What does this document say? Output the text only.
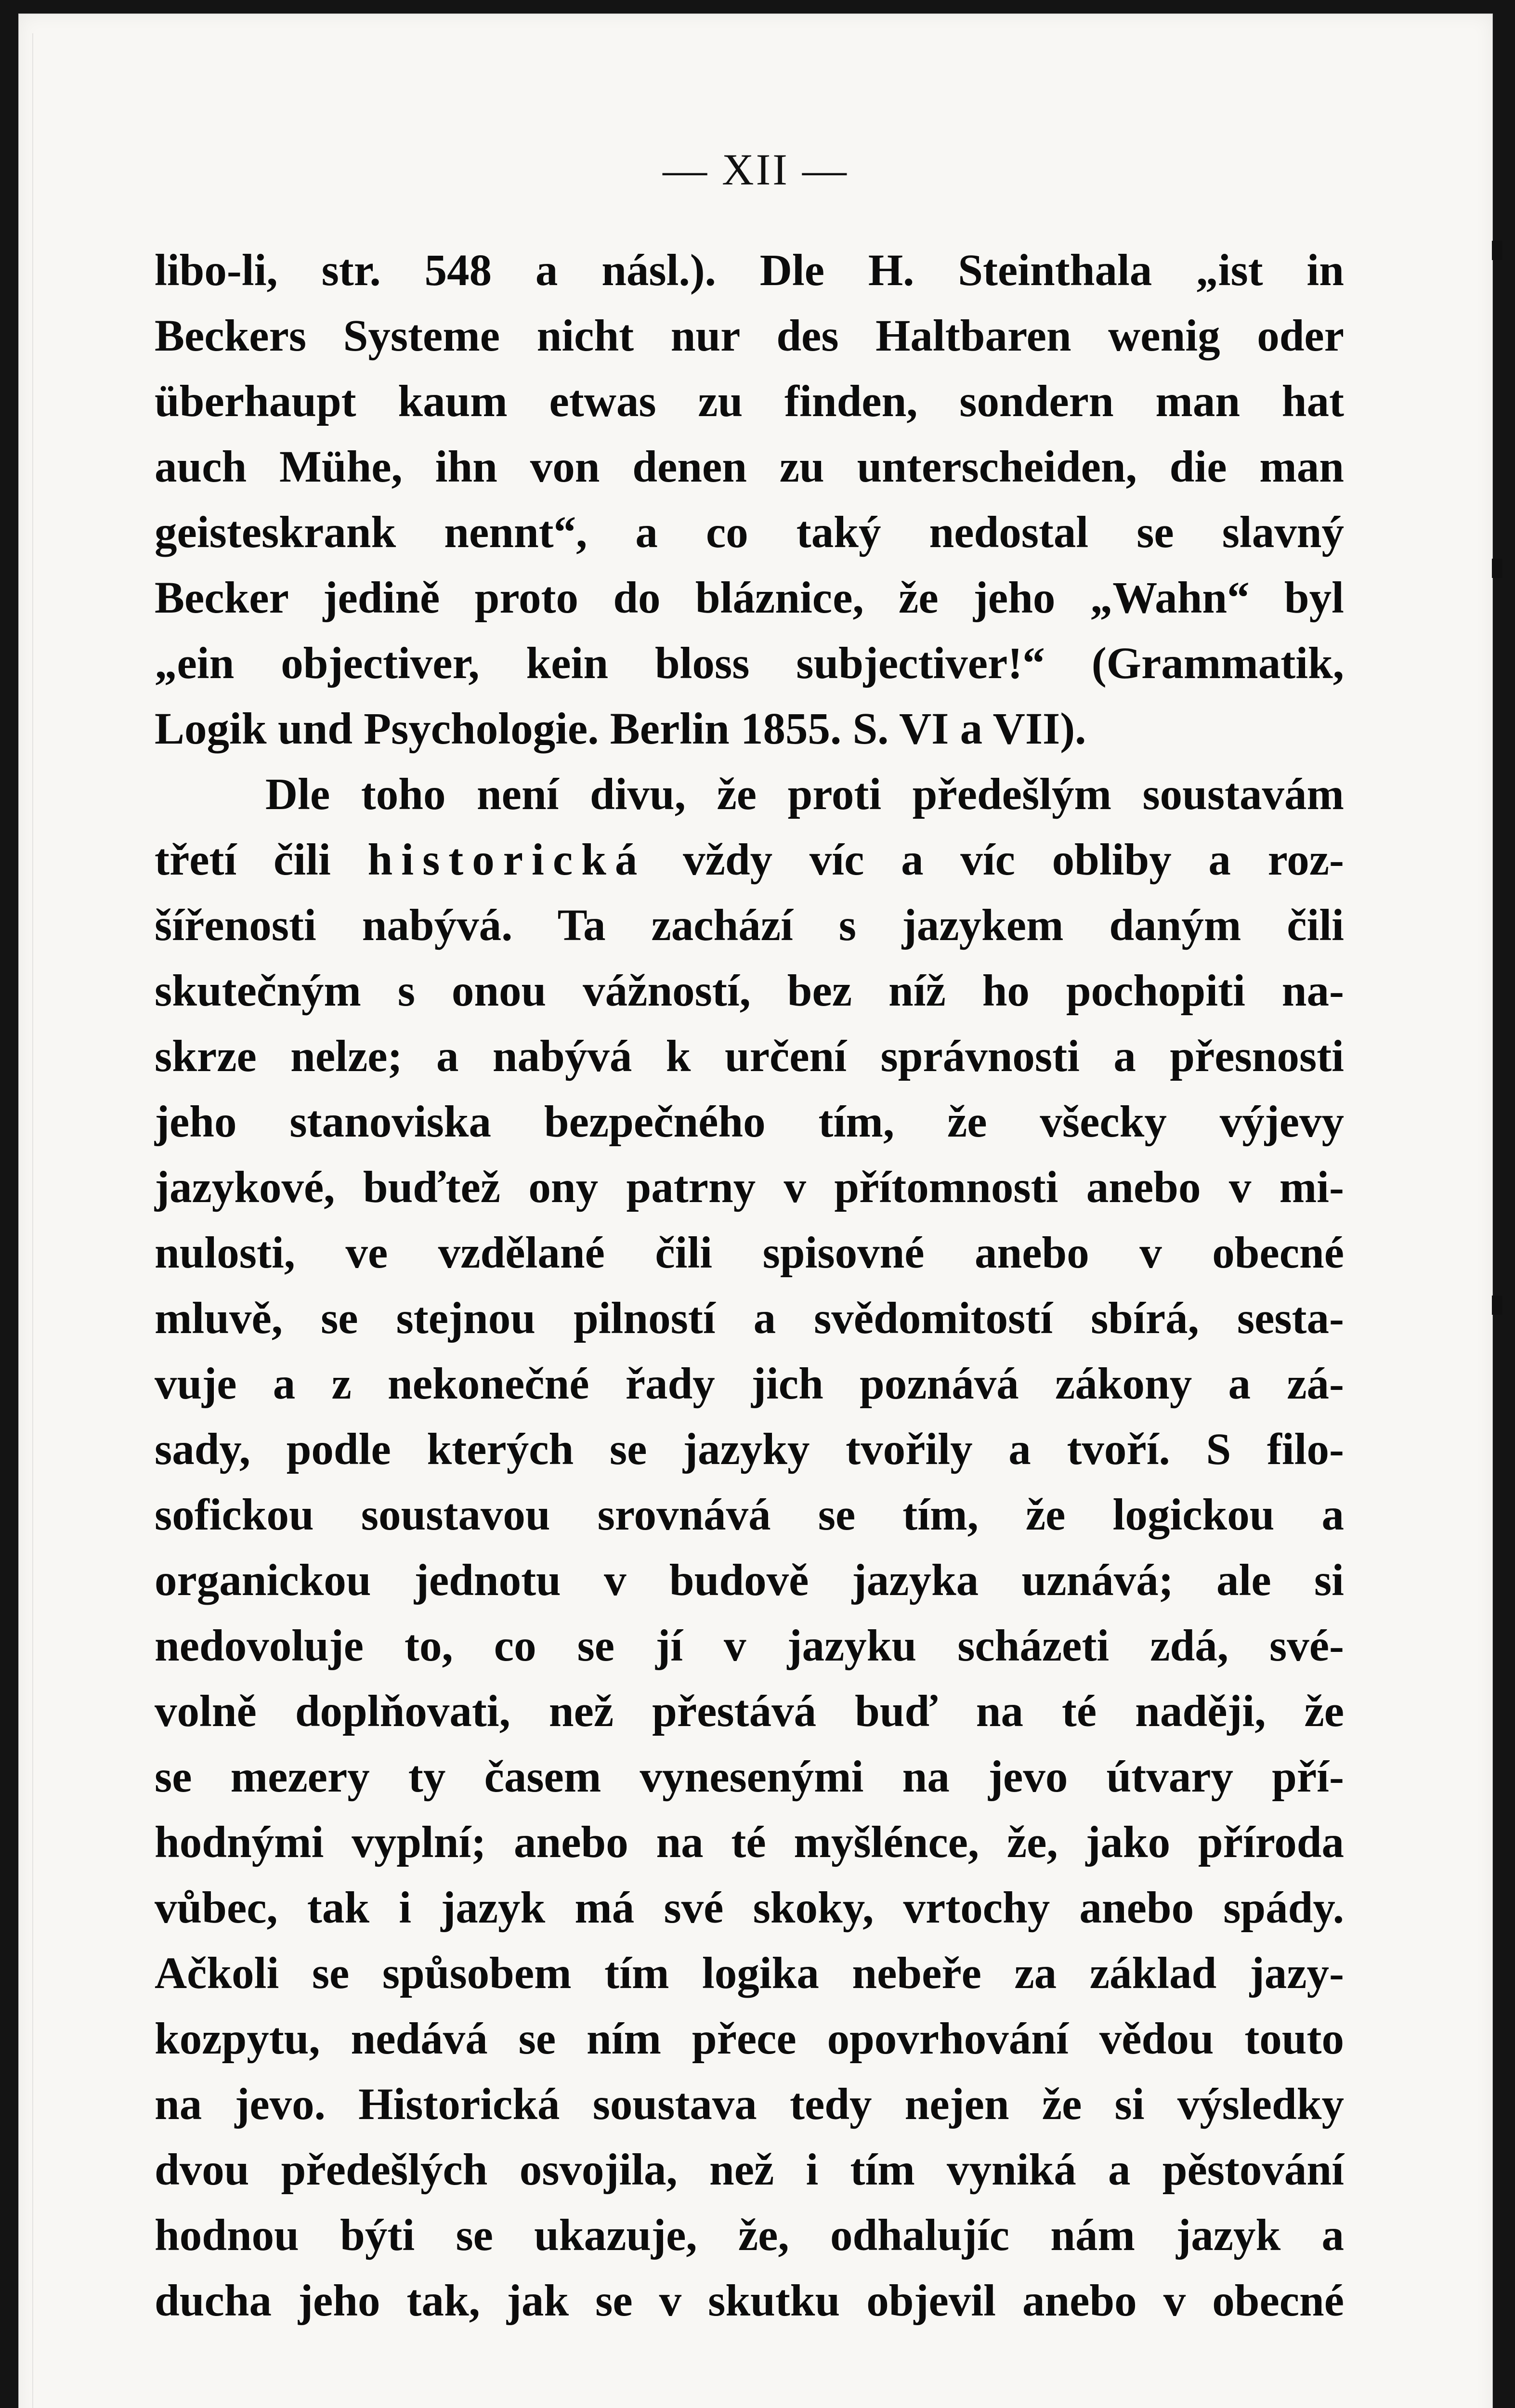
— XII —
libo-li, str. 548 a násl.). Dle H. Steinthala „ist in
Beckers Systeme nicht nur des Haltbaren wenig oder
überhaupt kaum etwas zu finden, sondern man hat
auch Mühe, ihn von denen zu unterscheiden, die man
geisteskrank nennt“, a co taký nedostal se slavný
Becker jedině proto do blázniсе, že jeho „Wahn“ byl
„ein objectiver, kein bloss subjectiver!“ (Grammatik,
Logik und Psychologie. Berlin 1855. S. VI a VII).
Dle toho není divu, že proti předešlým soustavám
třetí čili historická vždy víc a víc obliby a roz-
šířenosti nabývá. Ta zachází s jazykem daným čili
skutečným s onou vážností, bez níž ho pochopiti na-
skrze nelze; a nabývá k určení správnosti a přesnosti
jeho stanoviska bezpečného tím, že všecky výjevy
jazykové, buďtež ony patrny v přítomnosti anebo v mi-
nulosti, ve vzdělané čili spisovné anebo v obecné
mluvě, se stejnou pilností a svědomitostí sbírá, sesta-
vuje a z nekonečné řady jich poznává zákony a zá-
sady, podle kterých se jazyky tvořily a tvoří. S filo-
sofickou soustavou srovnává se tím, že logickou a
organickou jednotu v budově jazyka uznává; ale si
nedovoluje to, co se jí v jazyku scházeti zdá, své-
volně doplňovati, než přestává buď na té naději, že
se mezery ty časem vynesenými na jevo útvary pří-
hodnými vyplní; anebo na té myšlénce, že, jako příroda
vůbec, tak i jazyk má své skoky, vrtochy anebo spády.
Ačkoli se spůsobem tím logika nebeře za základ jazy-
kozpytu, nedává se ním přece opovrhování vědou touto
na jevo. Historická soustava tedy nejen že si výsledky
dvou předešlých osvojila, než i tím vyniká a pěstování
hodnou býti se ukazuje, že, odhalujíc nám jazyk a
ducha jeho tak, jak se v skutku objevil anebo v obecné
